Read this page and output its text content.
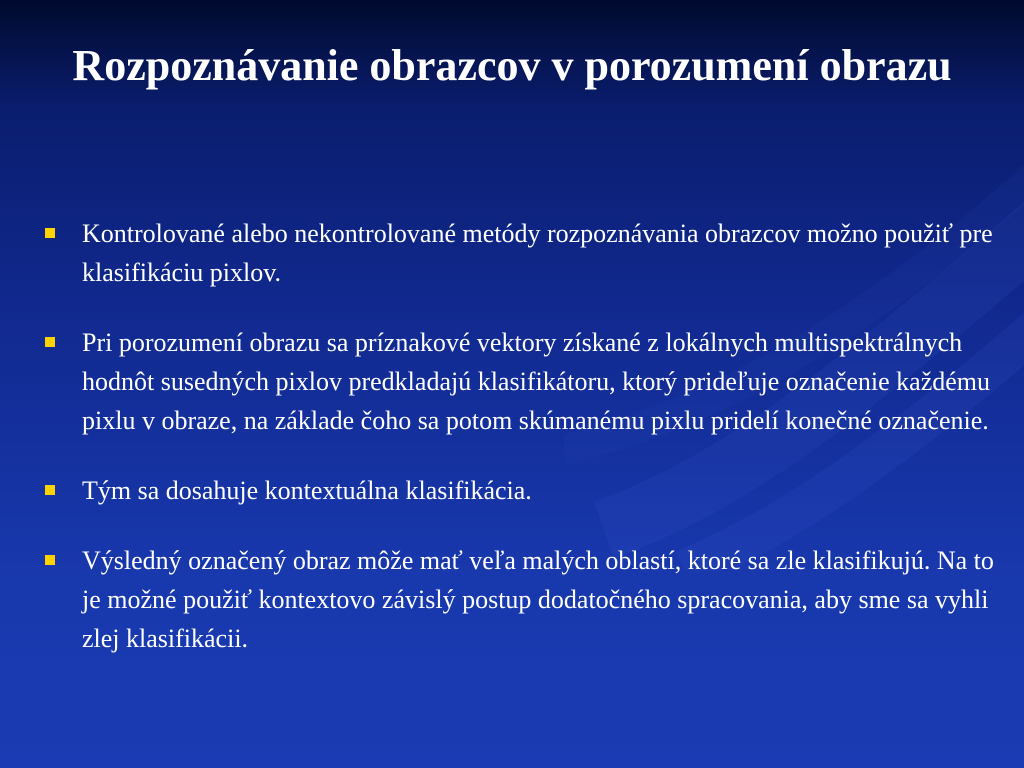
Rozpoznávanie obrazcov v porozumení obrazu
Kontrolované alebo nekontrolované metódy rozpoznávania obrazcov možno použiť pre klasifikáciu pixlov.
Pri porozumení obrazu sa príznakové vektory získané z lokálnych multispektrálnych hodnôt susedných pixlov predkladajú klasifikátoru, ktorý prideľuje označenie každému pixlu v obraze, na základe čoho sa potom skúmanému pixlu pridelí konečné označenie.
Tým sa dosahuje kontextuálna klasifikácia.
Výsledný označený obraz môže mať veľa malých oblastí, ktoré sa zle klasifikujú. Na to je možné použiť kontextovo závislý postup dodatočného spracovania, aby sme sa vyhli zlej klasifikácii.
